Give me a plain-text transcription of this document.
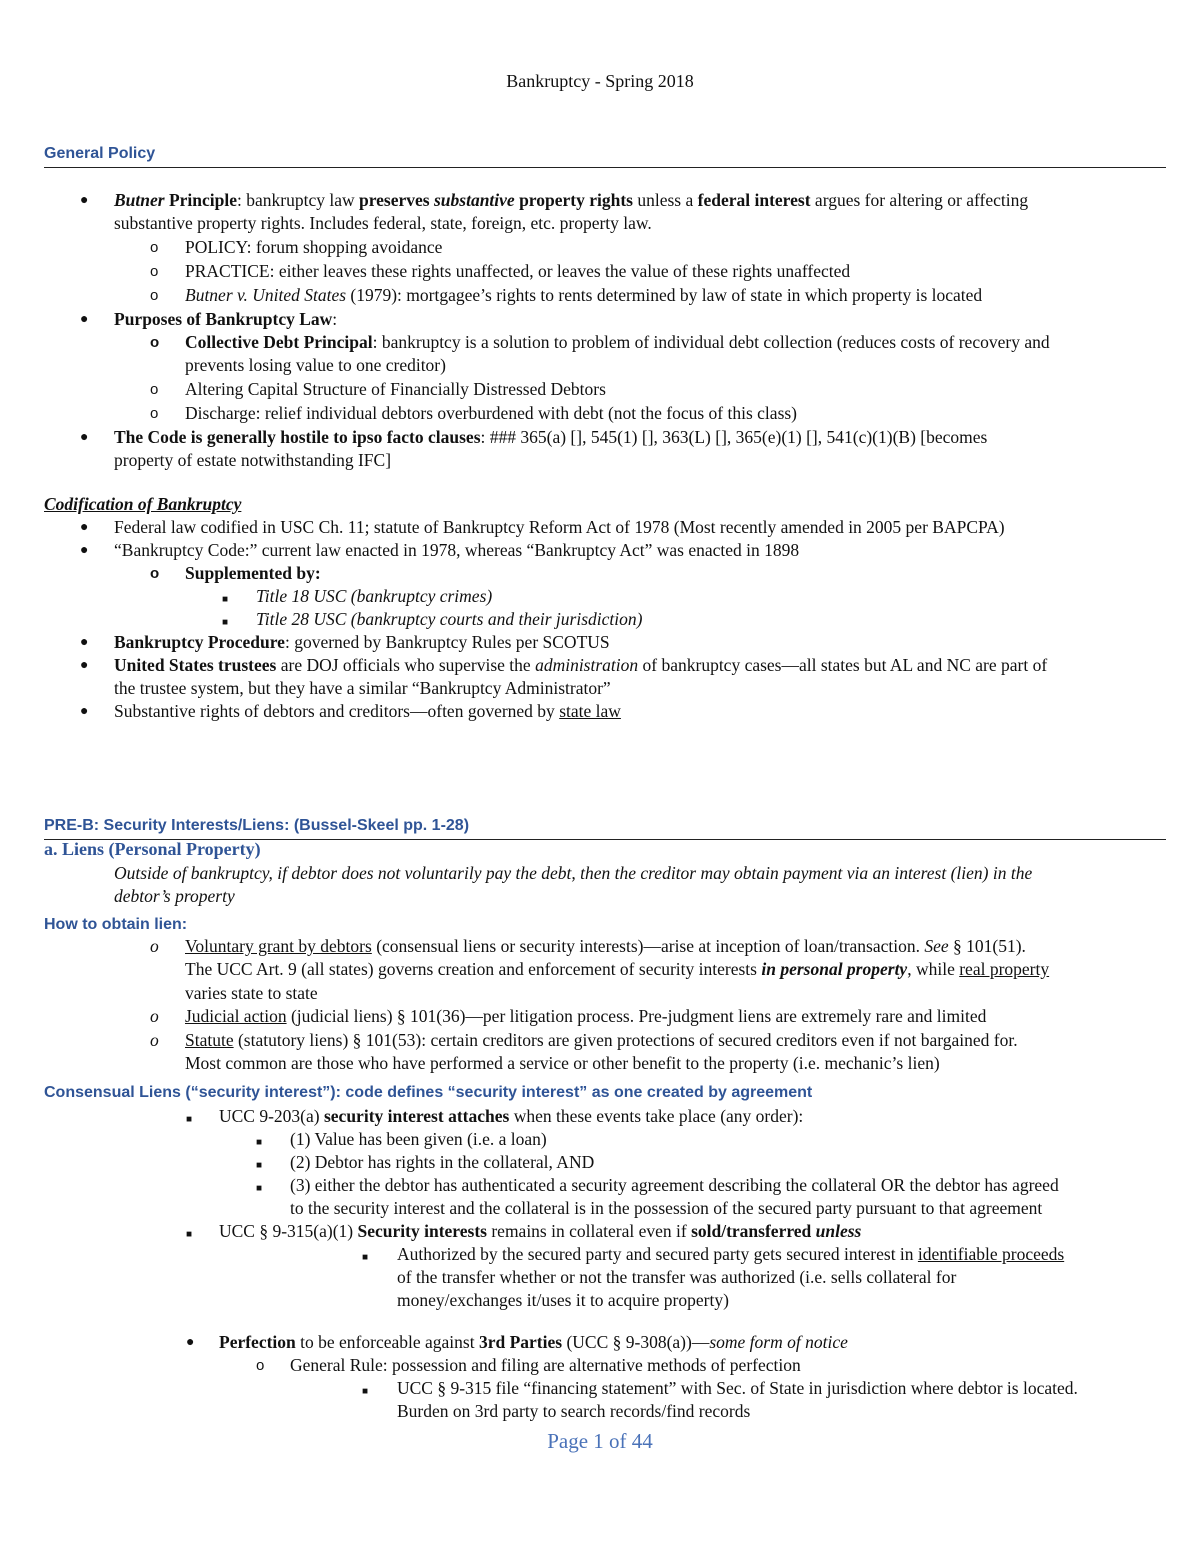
Bankruptcy - Spring 2018
General Policy
● Butner Principle: bankruptcy law preserves substantive property rights unless a federal interest argues for altering or affecting
substantive property rights. Includes federal, state, foreign, etc. property law.
o POLICY: forum shopping avoidance
o PRACTICE: either leaves these rights unaffected, or leaves the value of these rights unaffected
o Butner v. United States (1979): mortgagee’s rights to rents determined by law of state in which property is located
● Purposes of Bankruptcy Law:
o Collective Debt Principal: bankruptcy is a solution to problem of individual debt collection (reduces costs of recovery and
prevents losing value to one creditor)
o Altering Capital Structure of Financially Distressed Debtors
o Discharge: relief individual debtors overburdened with debt (not the focus of this class)
● The Code is generally hostile to ipso facto clauses: ### 365(a) [], 545(1) [], 363(L) [], 365(e)(1) [], 541(c)(1)(B) [becomes
property of estate notwithstanding IFC]
Codification of Bankruptcy
● Federal law codified in USC Ch. 11; statute of Bankruptcy Reform Act of 1978 (Most recently amended in 2005 per BAPCPA)
● “Bankruptcy Code:” current law enacted in 1978, whereas “Bankruptcy Act” was enacted in 1898
o Supplemented by:
■ Title 18 USC (bankruptcy crimes)
■ Title 28 USC (bankruptcy courts and their jurisdiction)
● Bankruptcy Procedure: governed by Bankruptcy Rules per SCOTUS
● United States trustees are DOJ officials who supervise the administration of bankruptcy cases—all states but AL and NC are part of
the trustee system, but they have a similar “Bankruptcy Administrator”
● Substantive rights of debtors and creditors—often governed by state law
PRE-B: Security Interests/Liens: (Bussel-Skeel pp. 1-28)
a. Liens (Personal Property)
Outside of bankruptcy, if debtor does not voluntarily pay the debt, then the creditor may obtain payment via an interest (lien) in the
debtor’s property
How to obtain lien:
o Voluntary grant by debtors (consensual liens or security interests)—arise at inception of loan/transaction. See § 101(51).
The UCC Art. 9 (all states) governs creation and enforcement of security interests in personal property, while real property
varies state to state
o Judicial action (judicial liens) § 101(36)—per litigation process. Pre-judgment liens are extremely rare and limited
o Statute (statutory liens) § 101(53): certain creditors are given protections of secured creditors even if not bargained for.
Most common are those who have performed a service or other benefit to the property (i.e. mechanic’s lien)
Consensual Liens (“security interest”): code defines “security interest” as one created by agreement
■ UCC 9-203(a) security interest attaches when these events take place (any order):
■ (1) Value has been given (i.e. a loan)
■ (2) Debtor has rights in the collateral, AND
■ (3) either the debtor has authenticated a security agreement describing the collateral OR the debtor has agreed
to the security interest and the collateral is in the possession of the secured party pursuant to that agreement
■ UCC § 9-315(a)(1) Security interests remains in collateral even if sold/transferred unless
■ Authorized by the secured party and secured party gets secured interest in identifiable proceeds
of the transfer whether or not the transfer was authorized (i.e. sells collateral for
money/exchanges it/uses it to acquire property)
● Perfection to be enforceable against 3rd Parties (UCC § 9-308(a))—some form of notice
o General Rule: possession and filing are alternative methods of perfection
■ UCC § 9-315 file “financing statement” with Sec. of State in jurisdiction where debtor is located.
Burden on 3rd party to search records/find records
Page 1 of 44
